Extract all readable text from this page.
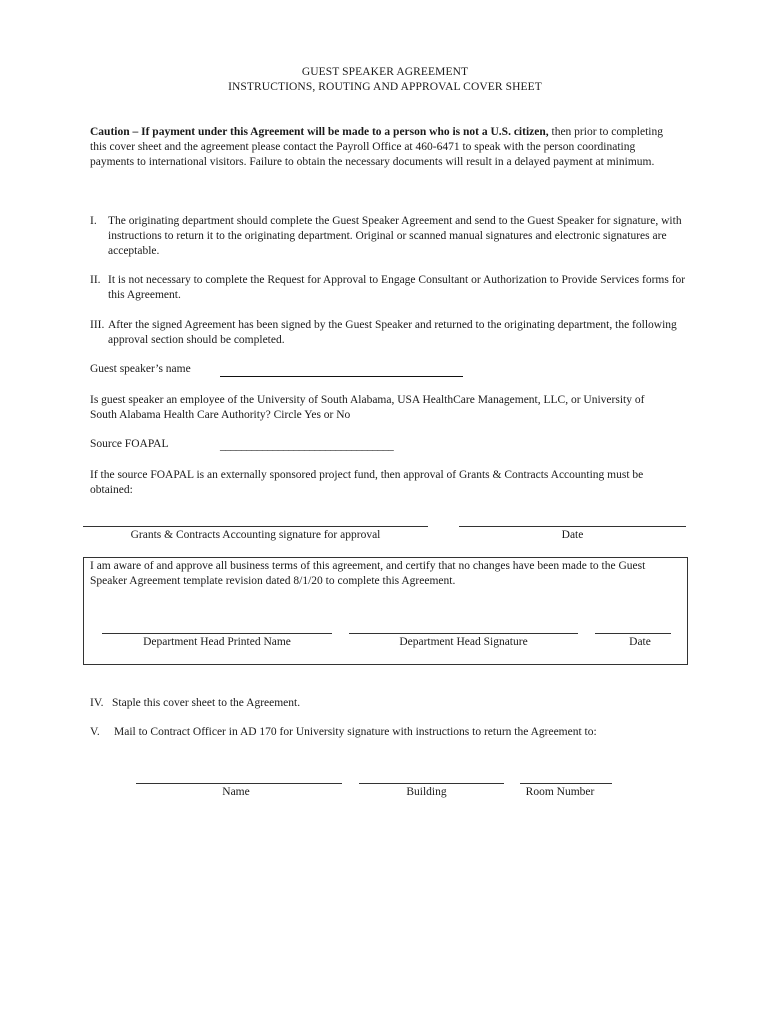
GUEST SPEAKER AGREEMENT
INSTRUCTIONS, ROUTING AND APPROVAL COVER SHEET
Caution – If payment under this Agreement will be made to a person who is not a U.S. citizen, then prior to completing this cover sheet and the agreement please contact the Payroll Office at 460-6471 to speak with the person coordinating payments to international visitors. Failure to obtain the necessary documents will result in a delayed payment at minimum.
I. The originating department should complete the Guest Speaker Agreement and send to the Guest Speaker for signature, with instructions to return it to the originating department. Original or scanned manual signatures and electronic signatures are acceptable.
II. It is not necessary to complete the Request for Approval to Engage Consultant or Authorization to Provide Services forms for this Agreement.
III. After the signed Agreement has been signed by the Guest Speaker and returned to the originating department, the following approval section should be completed.
Guest speaker’s name
Is guest speaker an employee of the University of South Alabama, USA HealthCare Management, LLC, or University of South Alabama Health Care Authority? Circle Yes or No
Source FOAPAL	_________________________________
If the source FOAPAL is an externally sponsored project fund, then approval of Grants & Contracts Accounting must be obtained:
Grants & Contracts Accounting signature for approval	Date
I am aware of and approve all business terms of this agreement, and certify that no changes have been made to the Guest Speaker Agreement template revision dated 8/1/20 to complete this Agreement.
Department Head Printed Name	Department Head Signature	Date
IV. Staple this cover sheet to the Agreement.
V. Mail to Contract Officer in AD 170 for University signature with instructions to return the Agreement to:
Name	Building	Room Number
